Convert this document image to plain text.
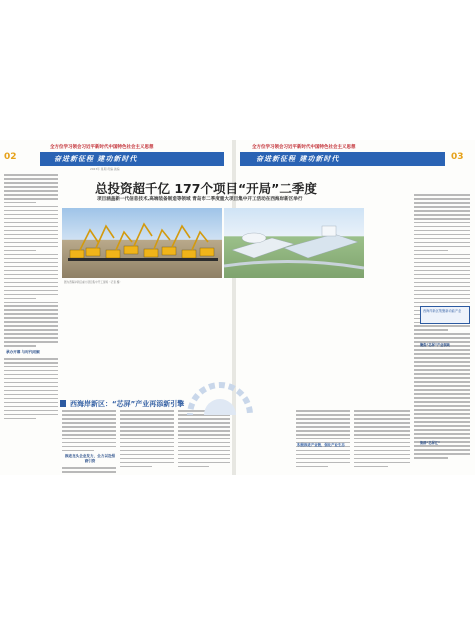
02
全方位学习领会习近平新时代中国特色社会主义思想
奋进新征程 建功新时代
2023年 星期 责编 美编
承办开幕 与时代同频
推进龙头企业发力，全力以赴招商引资
全方位学习领会习近平新时代中国特色社会主义思想
奋进新征程 建功新时代	03
总投资超千亿 177个项目“开局”二季度
项目涵盖新一代信息技术,高端装备制造等领域 青岛市二季度重大项目集中开工活动在西海岸新区举行
图为西海岸新区重大项目集中开工现场（记者 摄）
西海岸新区：“芯屏”产业再添新引擎
积极推进产业链，强化产业生态
西海岸新区集聚新动能产业
聚焦“芯屏”产业领域
集群“芯屏汇”
